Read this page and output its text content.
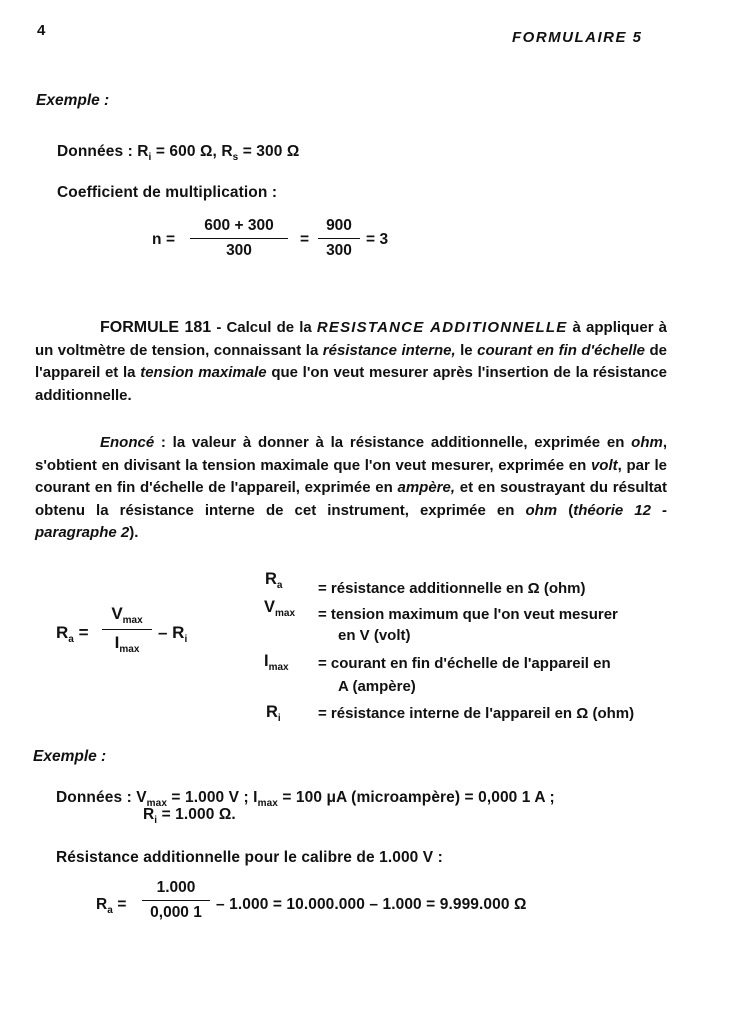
4	FORMULAIRE 5
Exemple :
Données : $R_i = 600$ Ω, $R_s = 300$ Ω
Coefficient de multiplication :
n =
600 + 300
300
=
900
300
= 3
FORMULE 181 - Calcul de la RESISTANCE ADDITIONNELLE à appliquer à un voltmètre de tension, connaissant la résistance interne, le courant en fin d'échelle de l'appareil et la tension maximale que l'on veut mesurer après l'insertion de la résistance additionnelle.
Enoncé : la valeur à donner à la résistance additionnelle, exprimée en ohm, s'obtient en divisant la tension maximale que l'on veut mesurer, exprimée en volt, par le courant en fin d'échelle de l'appareil, exprimée en ampère, et en soustrayant du résultat obtenu la résistance interne de cet instrument, exprimée en ohm (théorie 12 - paragraphe 2).
$R_a$ =
$V_{max}$
$I_{max}$
– $R_i$
$R_a$ = résistance additionnelle en Ω (ohm)
$V_{max}$ = tension maximum que l'on veut mesurer
en V (volt)
$I_{max}$ = courant en fin d'échelle de l'appareil en
A (ampère)
$R_i$ = résistance interne de l'appareil en Ω (ohm)
Exemple :
Données : $V_{max} = 1.000$ V ; $I_{max} = 100$ μA (microampère) = 0,000 1 A ;
$R_i = 1.000$ Ω.
Résistance additionnelle pour le calibre de 1.000 V :
$R_a$ =
1.000
0,000 1 – 1.000 = 10.000.000 – 1.000 = 9.999.000 Ω
